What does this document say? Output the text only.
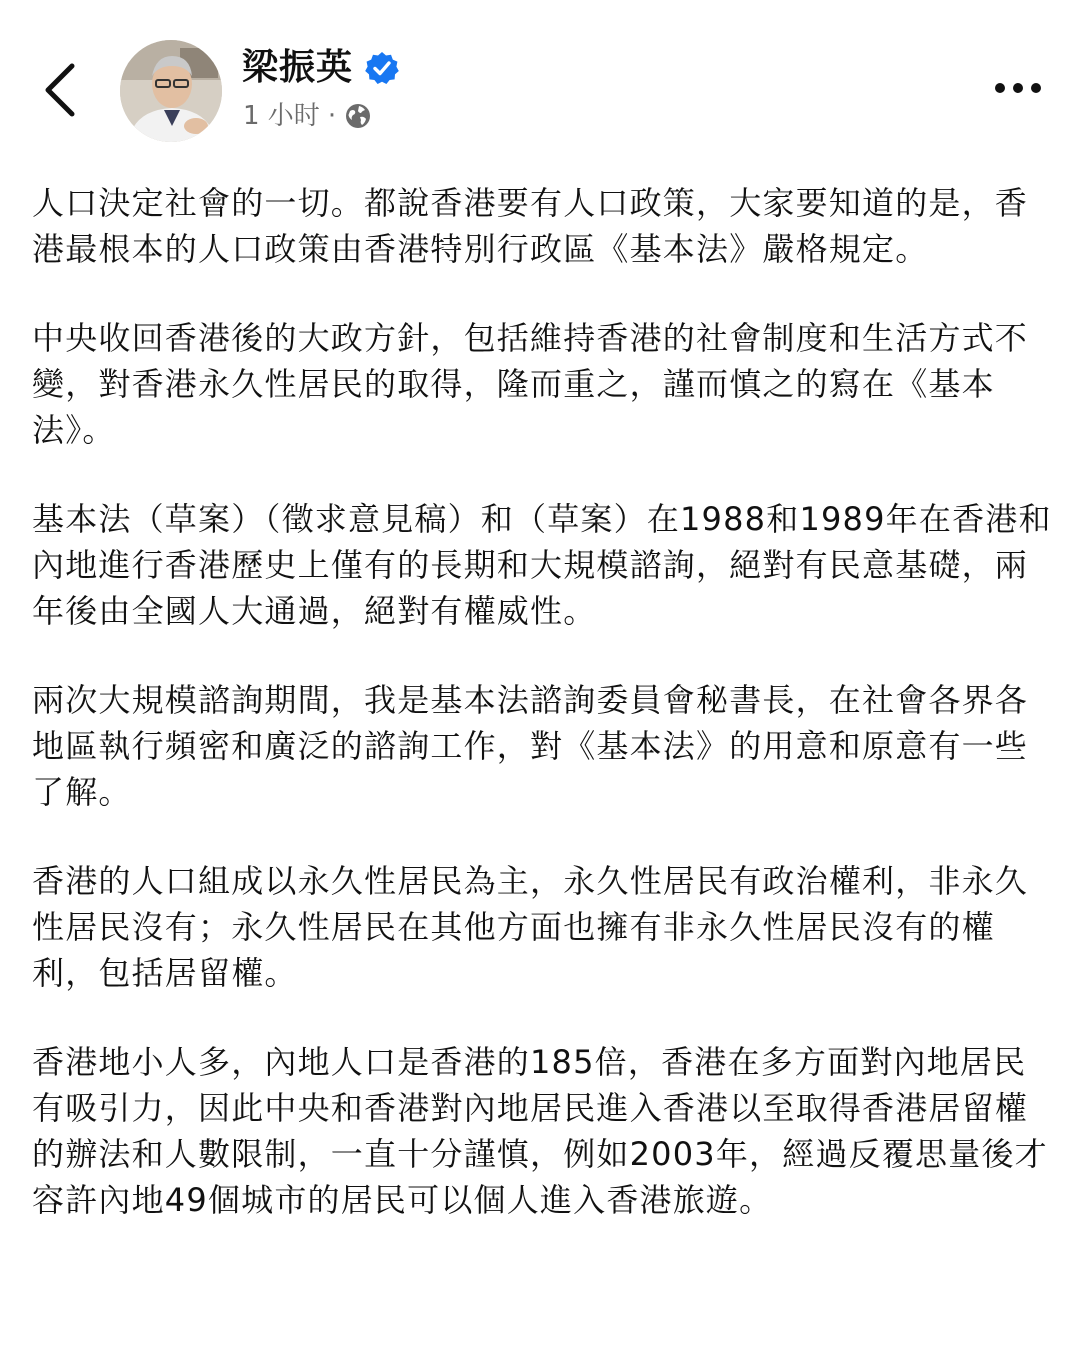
梁振英
1 小时 ·

人口決定社會的一切。都說香港要有人口政策，大家要知道的是，香港最根本的人口政策由香港特別行政區《基本法》嚴格規定。

中央收回香港後的大政方針，包括維持香港的社會制度和生活方式不變，對香港永久性居民的取得，隆而重之，謹而慎之的寫在《基本法》。

基本法（草案）（徵求意見稿）和（草案）在1988和1989年在香港和內地進行香港歷史上僅有的長期和大規模諮詢，絕對有民意基礎，兩年後由全國人大通過，絕對有權威性。

兩次大規模諮詢期間，我是基本法諮詢委員會秘書長，在社會各界各地區執行頻密和廣泛的諮詢工作，對《基本法》的用意和原意有一些了解。

香港的人口組成以永久性居民為主，永久性居民有政治權利，非永久性居民沒有；永久性居民在其他方面也擁有非永久性居民沒有的權利，包括居留權。

香港地小人多，內地人口是香港的185倍，香港在多方面對內地居民有吸引力，因此中央和香港對內地居民進入香港以至取得香港居留權的辦法和人數限制，一直十分謹慎，例如2003年，經過反覆思量後才容許內地49個城市的居民可以個人進入香港旅遊。
